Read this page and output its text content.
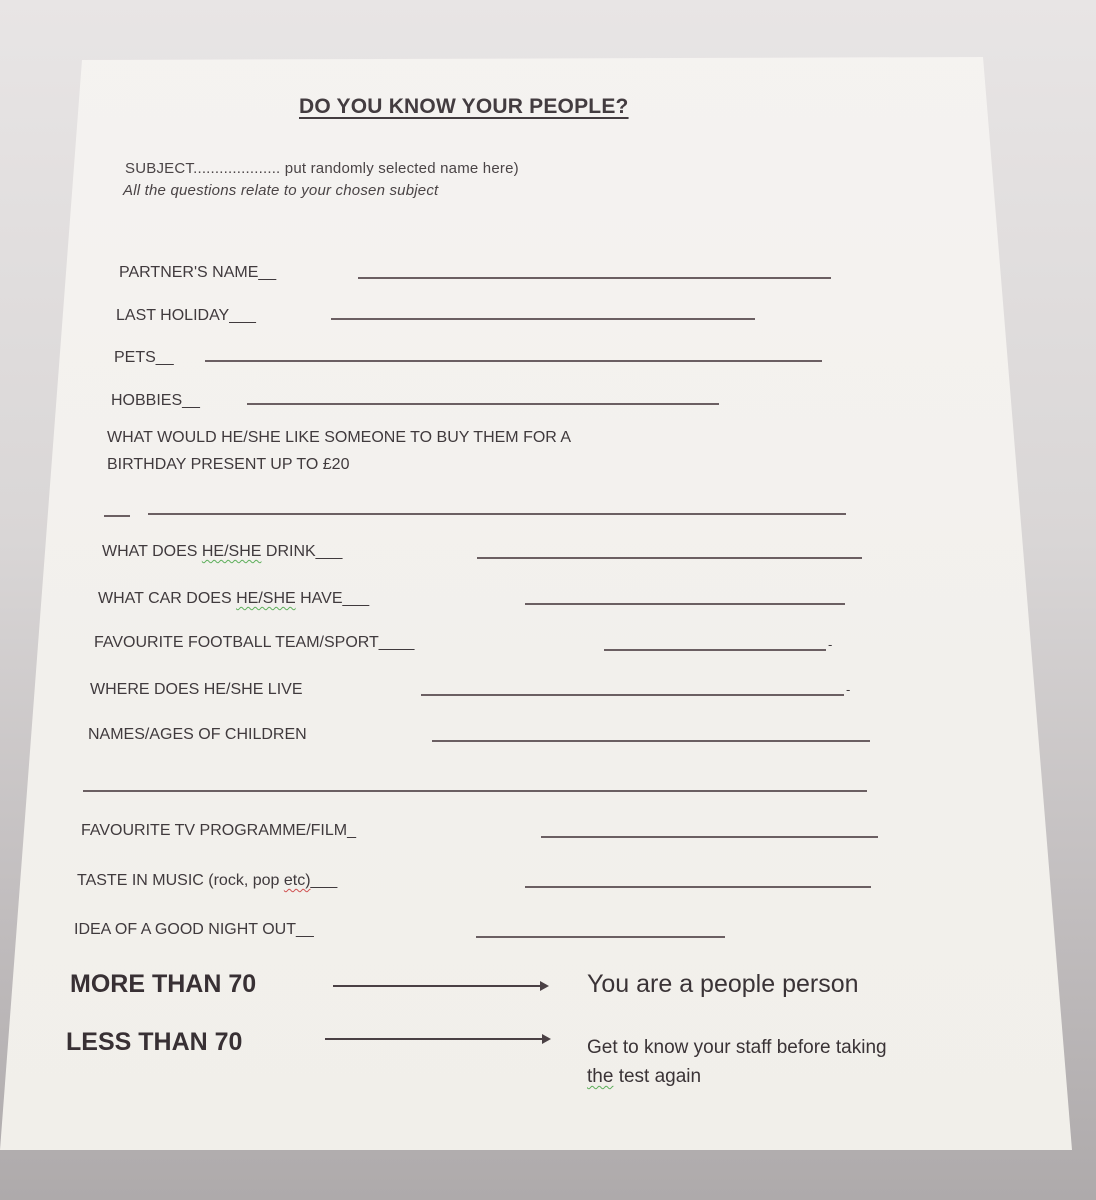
DO YOU KNOW YOUR PEOPLE?
SUBJECT.................... put randomly selected name here)
All the questions relate to your chosen subject
PARTNER'S NAME__
LAST HOLIDAY___
PETS__
HOBBIES__
WHAT WOULD HE/SHE LIKE SOMEONE TO BUY THEM FOR A
BIRTHDAY PRESENT UP TO £20
WHAT DOES HE/SHE DRINK___
WHAT CAR DOES HE/SHE HAVE___
FAVOURITE FOOTBALL TEAM/SPORT____	-
WHERE DOES HE/SHE LIVE	-
NAMES/AGES OF CHILDREN
FAVOURITE TV PROGRAMME/FILM_
TASTE IN MUSIC (rock, pop etc)___
IDEA OF A GOOD NIGHT OUT__
MORE THAN 70	You are a people person
LESS THAN 70	Get to know your staff before taking
the test again
